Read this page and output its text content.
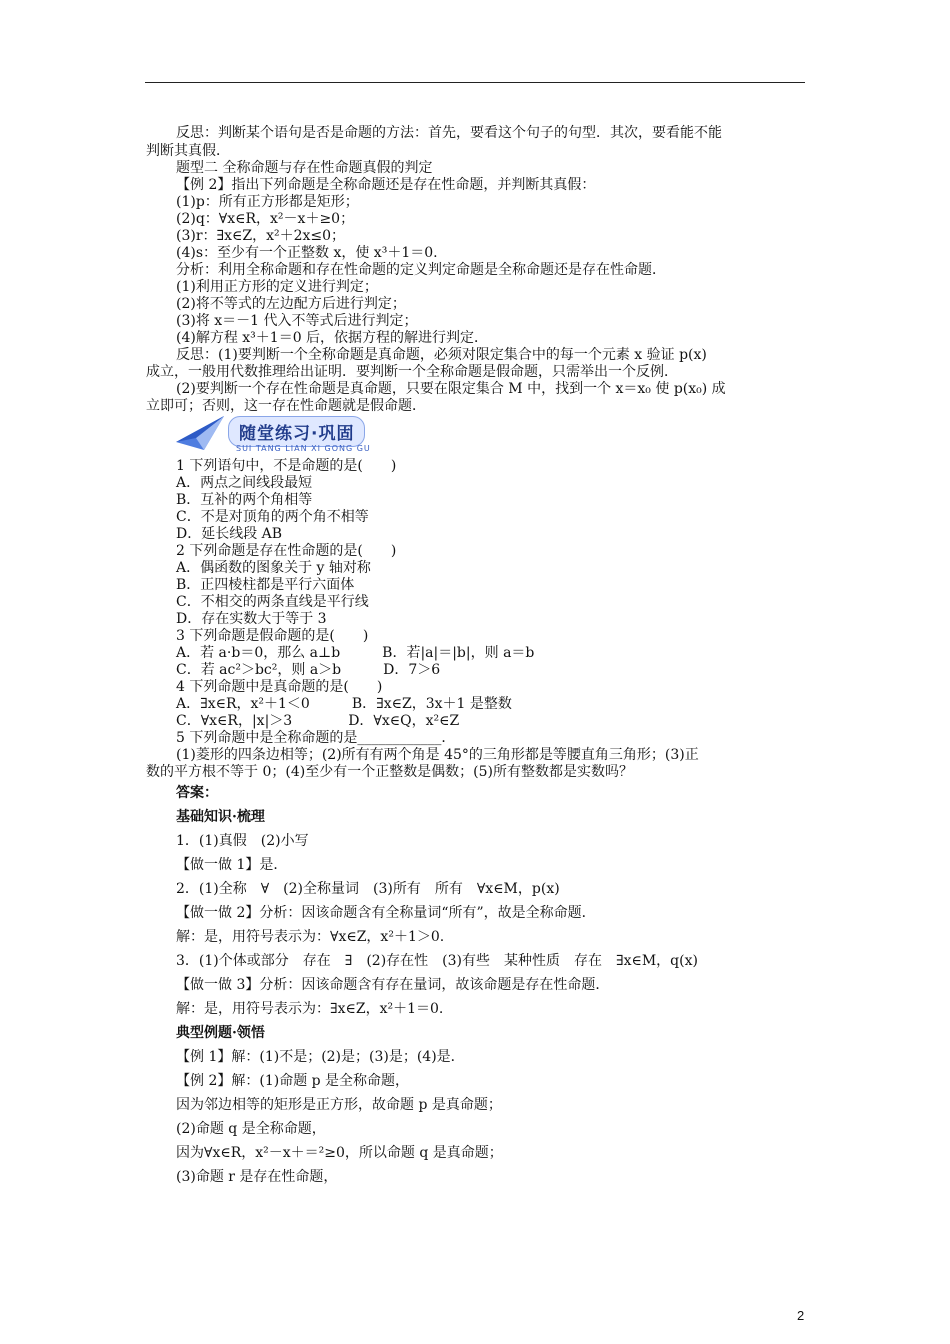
反思：判断某个语句是否是命题的方法：首先，要看这个句子的句型．其次，要看能不能
判断其真假．
题型二 全称命题与存在性命题真假的判定
【例 2】指出下列命题是全称命题还是存在性命题，并判断其真假：
(1)p：所有正方形都是矩形；
(2)q：∀x∈R，x²－x＋≥0；
(3)r：∃x∈Z，x²＋2x≤0；
(4)s：至少有一个正整数 x，使 x³＋1＝0.
分析：利用全称命题和存在性命题的定义判定命题是全称命题还是存在性命题．
(1)利用正方形的定义进行判定；
(2)将不等式的左边配方后进行判定；
(3)将 x＝－1 代入不等式后进行判定；
(4)解方程 x³＋1＝0 后，依据方程的解进行判定．
反思：(1)要判断一个全称命题是真命题，必须对限定集合中的每一个元素 x 验证 p(x)
成立，一般用代数推理给出证明．要判断一个全称命题是假命题，只需举出一个反例．
(2)要判断一个存在性命题是真命题，只要在限定集合 M 中，找到一个 x＝x₀ 使 p(x₀) 成
立即可；否则，这一存在性命题就是假命题．
随堂练习·巩固
SUI TANG LIAN XI GONG GU
1 下列语句中，不是命题的是(　　)
A．两点之间线段最短
B．互补的两个角相等
C．不是对顶角的两个角不相等
D．延长线段 AB
2 下列命题是存在性命题的是(　　)
A．偶函数的图象关于 y 轴对称
B．正四棱柱都是平行六面体
C．不相交的两条直线是平行线
D．存在实数大于等于 3
3 下列命题是假命题的是(　　)
A．若 a·b＝0，那么 a⊥b　　　B．若|a|＝|b|，则 a＝b
C．若 ac²＞bc²，则 a＞b　　　D．7＞6
4 下列命题中是真命题的是(　　)
A．∃x∈R，x²＋1＜0　　　B．∃x∈Z，3x＋1 是整数
C．∀x∈R，|x|＞3　　　　D．∀x∈Q，x²∈Z
5 下列命题中是全称命题的是____________．
(1)菱形的四条边相等；(2)所有有两个角是 45°的三角形都是等腰直角三角形；(3)正
数的平方根不等于 0；(4)至少有一个正整数是偶数；(5)所有整数都是实数吗？
答案：
基础知识·梳理
1．(1)真假　(2)小写
【做一做 1】是．
2．(1)全称　∀　(2)全称量词　(3)所有　所有　∀x∈M，p(x)
【做一做 2】分析：因该命题含有全称量词“所有”，故是全称命题．
解：是，用符号表示为：∀x∈Z，x²＋1＞0.
3．(1)个体或部分　存在　∃　(2)存在性　(3)有些　某种性质　存在　∃x∈M，q(x)
【做一做 3】分析：因该命题含有存在量词，故该命题是存在性命题．
解：是，用符号表示为：∃x∈Z，x²＋1＝0.
典型例题·领悟
【例 1】解：(1)不是；(2)是；(3)是；(4)是．
【例 2】解：(1)命题 p 是全称命题，
因为邻边相等的矩形是正方形，故命题 p 是真命题；
(2)命题 q 是全称命题，
因为∀x∈R，x²－x＋＝²≥0，所以命题 q 是真命题；
(3)命题 r 是存在性命题，
2
